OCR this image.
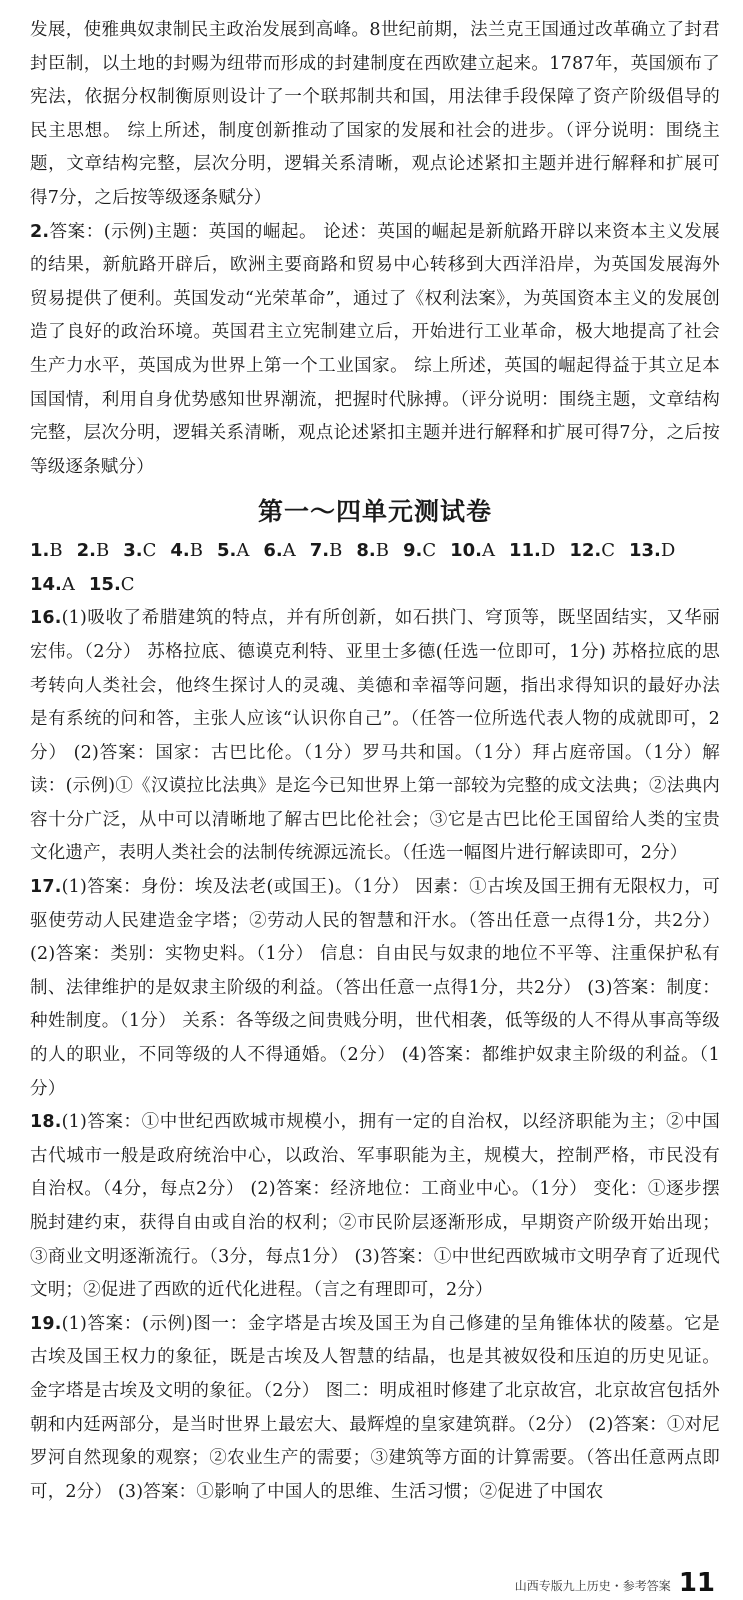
发展，使雅典奴隶制民主政治发展到高峰。8世纪前期，法兰克王国通过改革确立了封君封臣制，以土地的封赐为纽带而形成的封建制度在西欧建立起来。1787年，英国颁布了宪法，依据分权制衡原则设计了一个联邦制共和国，用法律手段保障了资产阶级倡导的民主思想。 综上所述，制度创新推动了国家的发展和社会的进步。（评分说明：围绕主题，文章结构完整，层次分明，逻辑关系清晰，观点论述紧扣主题并进行解释和扩展可得7分，之后按等级逐条赋分）

2.答案：(示例)主题：英国的崛起。 论述：英国的崛起是新航路开辟以来资本主义发展的结果，新航路开辟后，欧洲主要商路和贸易中心转移到大西洋沿岸，为英国发展海外贸易提供了便利。英国发动“光荣革命”，通过了《权利法案》，为英国资本主义的发展创造了良好的政治环境。英国君主立宪制建立后，开始进行工业革命，极大地提高了社会生产力水平，英国成为世界上第一个工业国家。 综上所述，英国的崛起得益于其立足本国国情，利用自身优势感知世界潮流，把握时代脉搏。（评分说明：围绕主题，文章结构完整，层次分明，逻辑关系清晰，观点论述紧扣主题并进行解释和扩展可得7分，之后按等级逐条赋分）

第一～四单元测试卷

1.B 2.B 3.C 4.B 5.A 6.A 7.B 8.B 9.C 10.A 11.D 12.C 13.D

14.A 15.C

16.(1)吸收了希腊建筑的特点，并有所创新，如石拱门、穹顶等，既坚固结实，又华丽宏伟。（2分） 苏格拉底、德谟克利特、亚里士多德(任选一位即可，1分) 苏格拉底的思考转向人类社会，他终生探讨人的灵魂、美德和幸福等问题，指出求得知识的最好办法是有系统的问和答，主张人应该“认识你自己”。（任答一位所选代表人物的成就即可，2分） (2)答案：国家：古巴比伦。（1分）罗马共和国。（1分）拜占庭帝国。（1分）解读：(示例)①《汉谟拉比法典》是迄今已知世界上第一部较为完整的成文法典；②法典内容十分广泛，从中可以清晰地了解古巴比伦社会；③它是古巴比伦王国留给人类的宝贵文化遗产，表明人类社会的法制传统源远流长。（任选一幅图片进行解读即可，2分）

17.(1)答案：身份：埃及法老(或国王)。（1分） 因素：①古埃及国王拥有无限权力，可驱使劳动人民建造金字塔；②劳动人民的智慧和汗水。（答出任意一点得1分，共2分）(2)答案：类别：实物史料。（1分） 信息：自由民与奴隶的地位不平等、注重保护私有制、法律维护的是奴隶主阶级的利益。（答出任意一点得1分，共2分） (3)答案：制度：种姓制度。（1分） 关系：各等级之间贵贱分明，世代相袭，低等级的人不得从事高等级的人的职业，不同等级的人不得通婚。（2分） (4)答案：都维护奴隶主阶级的利益。（1分）

18.(1)答案：①中世纪西欧城市规模小，拥有一定的自治权，以经济职能为主；②中国古代城市一般是政府统治中心，以政治、军事职能为主，规模大，控制严格，市民没有自治权。（4分，每点2分） (2)答案：经济地位：工商业中心。（1分） 变化：①逐步摆脱封建约束，获得自由或自治的权利；②市民阶层逐渐形成，早期资产阶级开始出现；③商业文明逐渐流行。（3分，每点1分） (3)答案：①中世纪西欧城市文明孕育了近现代文明；②促进了西欧的近代化进程。（言之有理即可，2分）

19.(1)答案：(示例)图一：金字塔是古埃及国王为自己修建的呈角锥体状的陵墓。它是古埃及国王权力的象征，既是古埃及人智慧的结晶，也是其被奴役和压迫的历史见证。金字塔是古埃及文明的象征。（2分） 图二：明成祖时修建了北京故宫，北京故宫包括外朝和内廷两部分，是当时世界上最宏大、最辉煌的皇家建筑群。（2分） (2)答案：①对尼罗河自然现象的观察；②农业生产的需要；③建筑等方面的计算需要。（答出任意两点即可，2分） (3)答案：①影响了中国人的思维、生活习惯；②促进了中国农

山西专版九上历史・参考答案 11
